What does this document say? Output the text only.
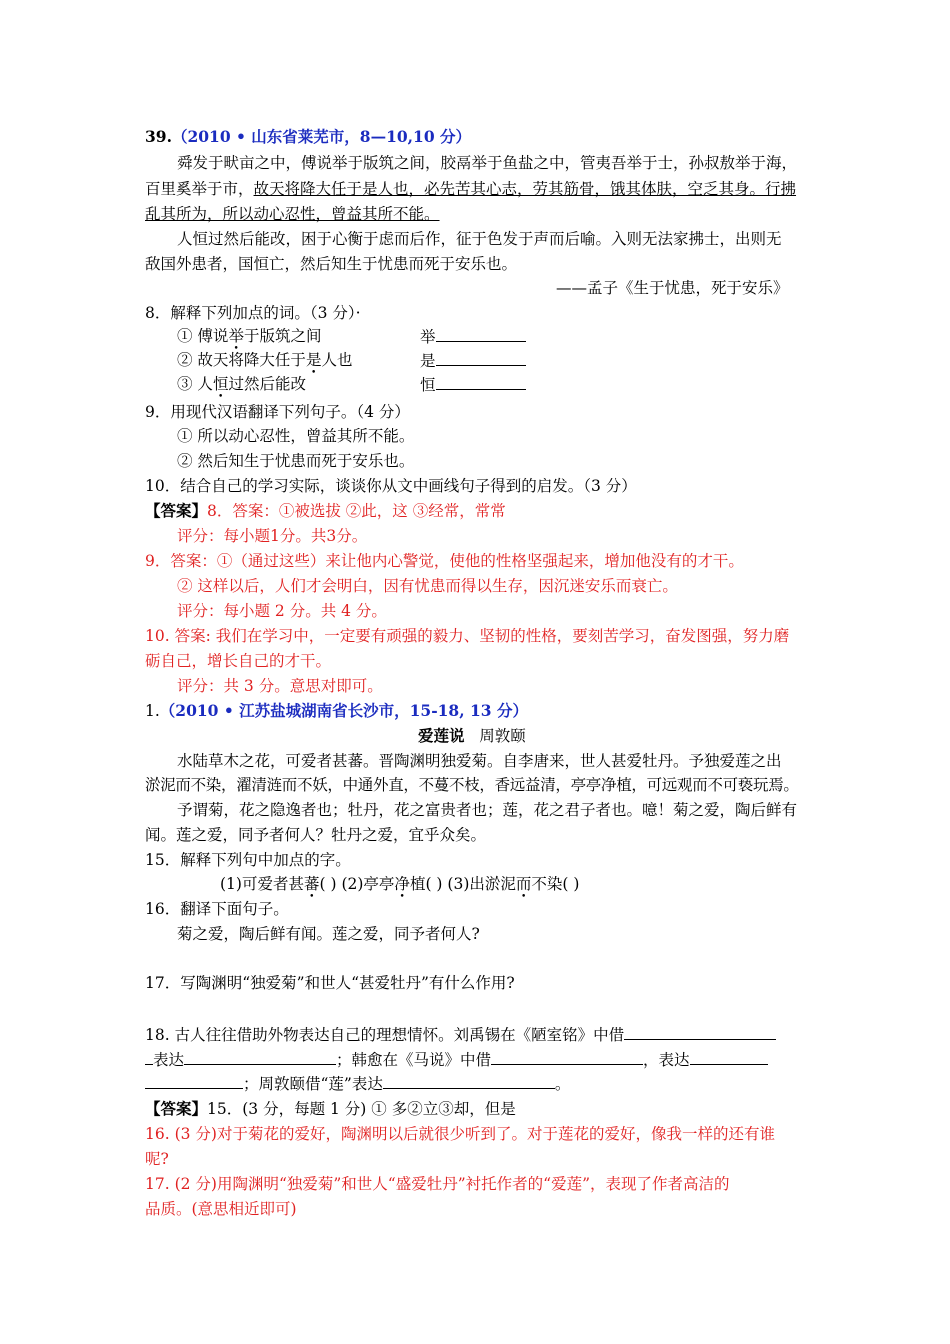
39.（2010 • 山东省莱芜市，8—10,10 分）
舜发于畎亩之中，傅说举于版筑之间，胶鬲举于鱼盐之中，管夷吾举于士，孙叔敖举于海，
百里奚举于市，故天将降大任于是人也，必先苦其心志，劳其筋骨，饿其体肤，空乏其身。行拂
乱其所为，所以动心忍性，曾益其所不能。
人恒过然后能改，困于心衡于虑而后作，征于色发于声而后喻。入则无法家拂士，出则无
敌国外患者，国恒亡，然后知生于忧患而死于安乐也。
——孟子《生于忧患，死于安乐》
8．解释下列加点的词。（3 分）·
① 傅说举于版筑之间	举
② 故天将降大任于是人也	是
③ 人恒过然后能改	恒
9．用现代汉语翻译下列句子。（4 分）
① 所以动心忍性，曾益其所不能。
② 然后知生于忧患而死于安乐也。
10．结合自己的学习实际，谈谈你从文中画线句子得到的启发。（3 分）
【答案】8．答案：①被选拔 ②此，这 ③经常，常常
评分：每小题1分。共3分。
9．答案：①（通过这些）来让他内心警觉，使他的性格坚强起来，增加他没有的才干。
② 这样以后，人们才会明白，因有忧患而得以生存，因沉迷安乐而衰亡。
评分：每小题 2 分。共 4 分。
10. 答案: 我们在学习中，一定要有顽强的毅力、坚韧的性格，要刻苦学习，奋发图强，努力磨
砺自己，增长自己的才干。
评分：共 3 分。意思对即可。
1.（2010 • 江苏盐城湖南省长沙市，15-18, 13 分）
爱莲说 周敦颐
水陆草木之花，可爱者甚蕃。晋陶渊明独爱菊。自李唐来，世人甚爱牡丹。予独爱莲之出
淤泥而不染，濯清涟而不妖，中通外直，不蔓不枝，香远益清，亭亭净植，可远观而不可亵玩焉。
予谓菊，花之隐逸者也；牡丹，花之富贵者也；莲，花之君子者也。噫！菊之爱，陶后鲜有
闻。莲之爱，同予者何人？牡丹之爱，宜乎众矣。
15．解释下列句中加点的字。
(1)可爱者甚蕃( ) (2)亭亭净植( ) (3)出淤泥而不染( )
16．翻译下面句子。
菊之爱，陶后鲜有闻。莲之爱，同予者何人?
17．写陶渊明“独爱菊”和世人“甚爱牡丹”有什么作用?
18. 古人往往借助外物表达自己的理想情怀。刘禹锡在《陋室铭》中借
表达	；韩愈在《马说》中借	，表达
；周敦颐借“莲”表达	。
【答案】15．(3 分，每题 1 分) ① 多②立③却，但是
16. (3 分)对于菊花的爱好，陶渊明以后就很少听到了。对于莲花的爱好，像我一样的还有谁
呢?
17. (2 分)用陶渊明“独爱菊”和世人“盛爱牡丹”衬托作者的“爱莲”，表现了作者高洁的
品质。(意思相近即可)
